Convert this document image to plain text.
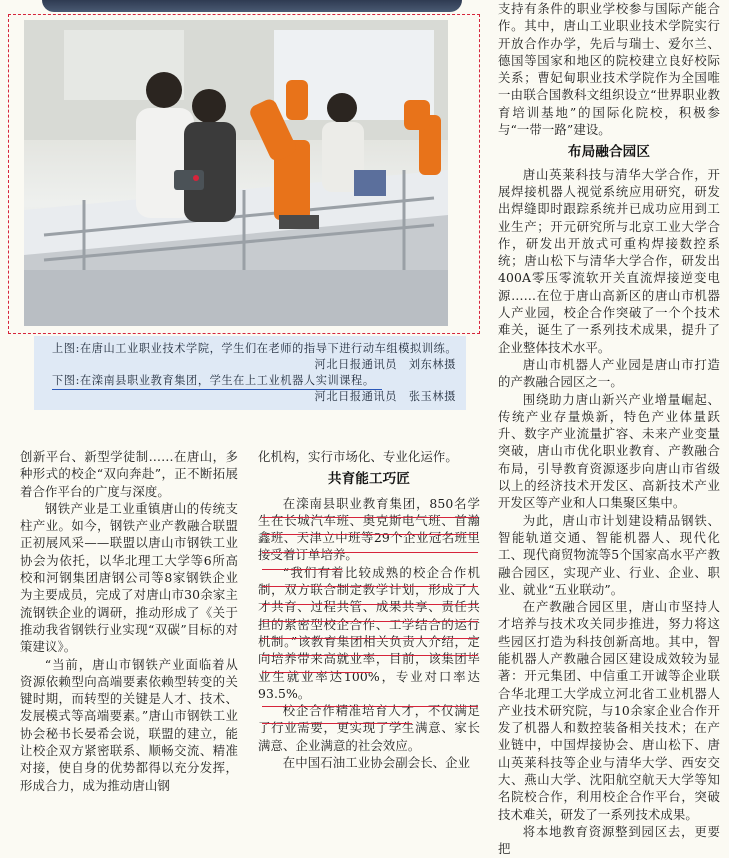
上图:在唐山工业职业技术学院，学生们在老师的指导下进行动车组模拟训练。
河北日报通讯员　刘东林摄
下图:在滦南县职业教育集团，学生在上工业机器人实训课程。
河北日报通讯员　张玉林摄

支持有条件的职业学校参与国际产能合作。其中，唐山工业职业技术学院实行开放合作办学，先后与瑞士、爱尔兰、德国等国家和地区的院校建立良好校际关系；曹妃甸职业技术学院作为全国唯一由联合国教科文组织设立“世界职业教育培训基地”的国际化院校，积极参与“一带一路”建设。

布局融合园区

唐山英莱科技与清华大学合作，开展焊接机器人视觉系统应用研究，研发出焊缝即时跟踪系统并已成功应用到工业生产；开元研究所与北京工业大学合作，研发出开放式可重构焊接数控系统；唐山松下与清华大学合作，研发出400A零压零流软开关直流焊接逆变电源……在位于唐山高新区的唐山市机器人产业园，校企合作突破了一个个技术难关，诞生了一系列技术成果，提升了企业整体技术水平。

唐山市机器人产业园是唐山市打造的产教融合园区之一。

围绕助力唐山新兴产业增量崛起、传统产业存量焕新，特色产业体量跃升、数字产业流量扩容、未来产业变量突破，唐山市优化职业教育、产教融合布局，引导教育资源逐步向唐山市省级以上的经济技术开发区、高新技术产业开发区等产业和人口集聚区集中。

为此，唐山市计划建设精品钢铁、智能轨道交通、智能机器人、现代化工、现代商贸物流等5个国家高水平产教融合园区，实现产业、行业、企业、职业、就业“五业联动”。

在产教融合园区里，唐山市坚持人才培养与技术攻关同步推进，努力将这些园区打造为科技创新高地。其中，智能机器人产教融合园区建设成效较为显著：开元集团、中信重工开诚等企业联合华北理工大学成立河北省工业机器人产业技术研究院，与10余家企业合作开发了机器人和数控装备相关技术；在产业链中，中国焊接协会、唐山松下、唐山英莱科技等企业与清华大学、西安交大、燕山大学、沈阳航空航天大学等知名院校合作，利用校企合作平台，突破技术难关，研发了一系列技术成果。

将本地教育资源整到园区去，更要把

创新平台、新型学徒制……在唐山，多种形式的校企“双向奔赴”，正不断拓展着合作平台的广度与深度。

钢铁产业是工业重镇唐山的传统支柱产业。如今，钢铁产业产教融合联盟正初展风采——联盟以唐山市钢铁工业协会为依托，以华北理工大学等6所高校和河钢集团唐钢公司等8家钢铁企业为主要成员，完成了对唐山市30余家主流钢铁企业的调研，推动形成了《关于推动我省钢铁行业实现“双碳”目标的对策建议》。

“当前，唐山市钢铁产业面临着从资源依赖型向高端要素依赖型转变的关键时期，而转型的关键是人才、技术、发展模式等高端要素。”唐山市钢铁工业协会秘书长晏希会说，联盟的建立，能让校企双方紧密联系、顺畅交流、精准对接，使自身的优势都得以充分发挥，形成合力，成为推动唐山钢

化机构，实行市场化、专业化运作。

共育能工巧匠

在滦南县职业教育集团，850名学生在长城汽车班、奥克斯电气班、首瀚鑫班、天津立中班等29个企业冠名班里接受着订单培养。

“我们有着比较成熟的校企合作机制，双方联合制定教学计划，形成了人才共育、过程共管、成果共享、责任共担的紧密型校企合作、工学结合的运行机制。”该教育集团相关负责人介绍，定向培养带来高就业率，目前，该集团毕业生就业率达100%，专业对口率达93.5%。

校企合作精准培育人才，不仅满足了行业需要，更实现了学生满意、家长满意、企业满意的社会效应。

在中国石油工业协会副会长、企业
